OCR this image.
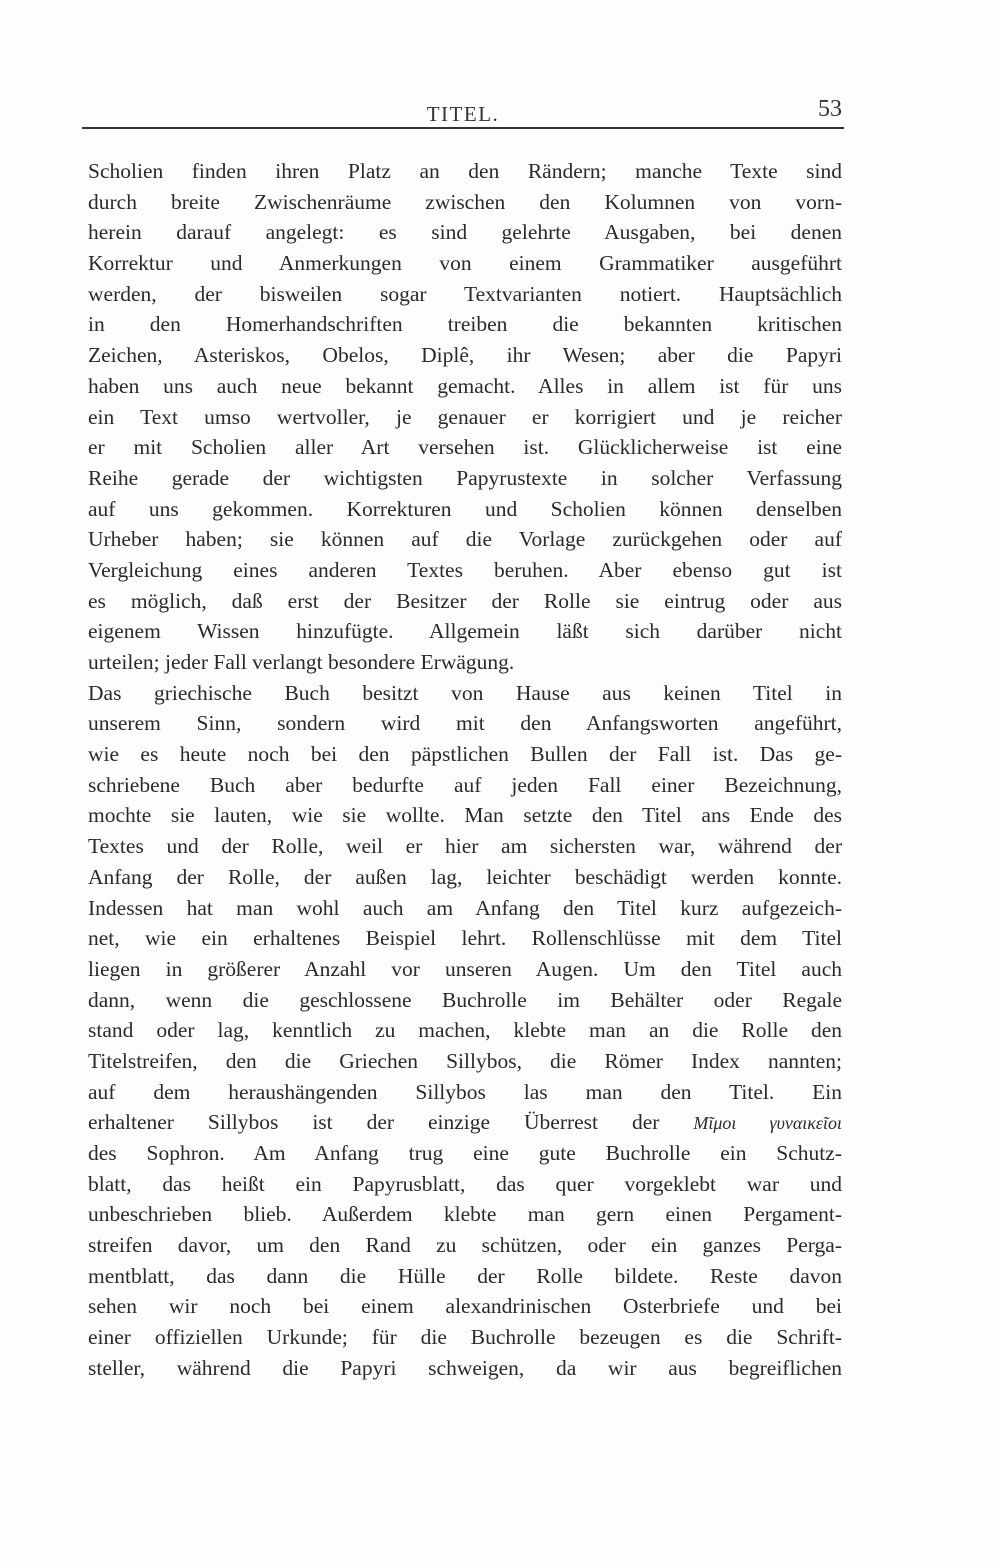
TITEL.	53
Scholien finden ihren Platz an den Rändern; manche Texte sind
durch breite Zwischenräume zwischen den Kolumnen von vorn-
herein darauf angelegt: es sind gelehrte Ausgaben, bei denen
Korrektur und Anmerkungen von einem Grammatiker ausgeführt
werden, der bisweilen sogar Textvarianten notiert. Hauptsächlich
in den Homerhandschriften treiben die bekannten kritischen
Zeichen, Asteriskos, Obelos, Diplê, ihr Wesen; aber die Papyri
haben uns auch neue bekannt gemacht. Alles in allem ist für uns
ein Text umso wertvoller, je genauer er korrigiert und je reicher
er mit Scholien aller Art versehen ist. Glücklicherweise ist eine
Reihe gerade der wichtigsten Papyrustexte in solcher Verfassung
auf uns gekommen. Korrekturen und Scholien können denselben
Urheber haben; sie können auf die Vorlage zurückgehen oder auf
Vergleichung eines anderen Textes beruhen. Aber ebenso gut ist
es möglich, daß erst der Besitzer der Rolle sie eintrug oder aus
eigenem Wissen hinzufügte. Allgemein läßt sich darüber nicht
urteilen; jeder Fall verlangt besondere Erwägung.
Das griechische Buch besitzt von Hause aus keinen Titel in
unserem Sinn, sondern wird mit den Anfangsworten angeführt,
wie es heute noch bei den päpstlichen Bullen der Fall ist. Das ge-
schriebene Buch aber bedurfte auf jeden Fall einer Bezeichnung,
mochte sie lauten, wie sie wollte. Man setzte den Titel ans Ende des
Textes und der Rolle, weil er hier am sichersten war, während der
Anfang der Rolle, der außen lag, leichter beschädigt werden konnte.
Indessen hat man wohl auch am Anfang den Titel kurz aufgezeich-
net, wie ein erhaltenes Beispiel lehrt. Rollenschlüsse mit dem Titel
liegen in größerer Anzahl vor unseren Augen. Um den Titel auch
dann, wenn die geschlossene Buchrolle im Behälter oder Regale
stand oder lag, kenntlich zu machen, klebte man an die Rolle den
Titelstreifen, den die Griechen Sillybos, die Römer Index nannten;
auf dem heraushängenden Sillybos las man den Titel. Ein
erhaltener Sillybos ist der einzige Überrest der Μῖμοι γυναικεῖοι
des Sophron. Am Anfang trug eine gute Buchrolle ein Schutz-
blatt, das heißt ein Papyrusblatt, das quer vorgeklebt war und
unbeschrieben blieb. Außerdem klebte man gern einen Pergament-
streifen davor, um den Rand zu schützen, oder ein ganzes Perga-
mentblatt, das dann die Hülle der Rolle bildete. Reste davon
sehen wir noch bei einem alexandrinischen Osterbriefe und bei
einer offiziellen Urkunde; für die Buchrolle bezeugen es die Schrift-
steller, während die Papyri schweigen, da wir aus begreiflichen
